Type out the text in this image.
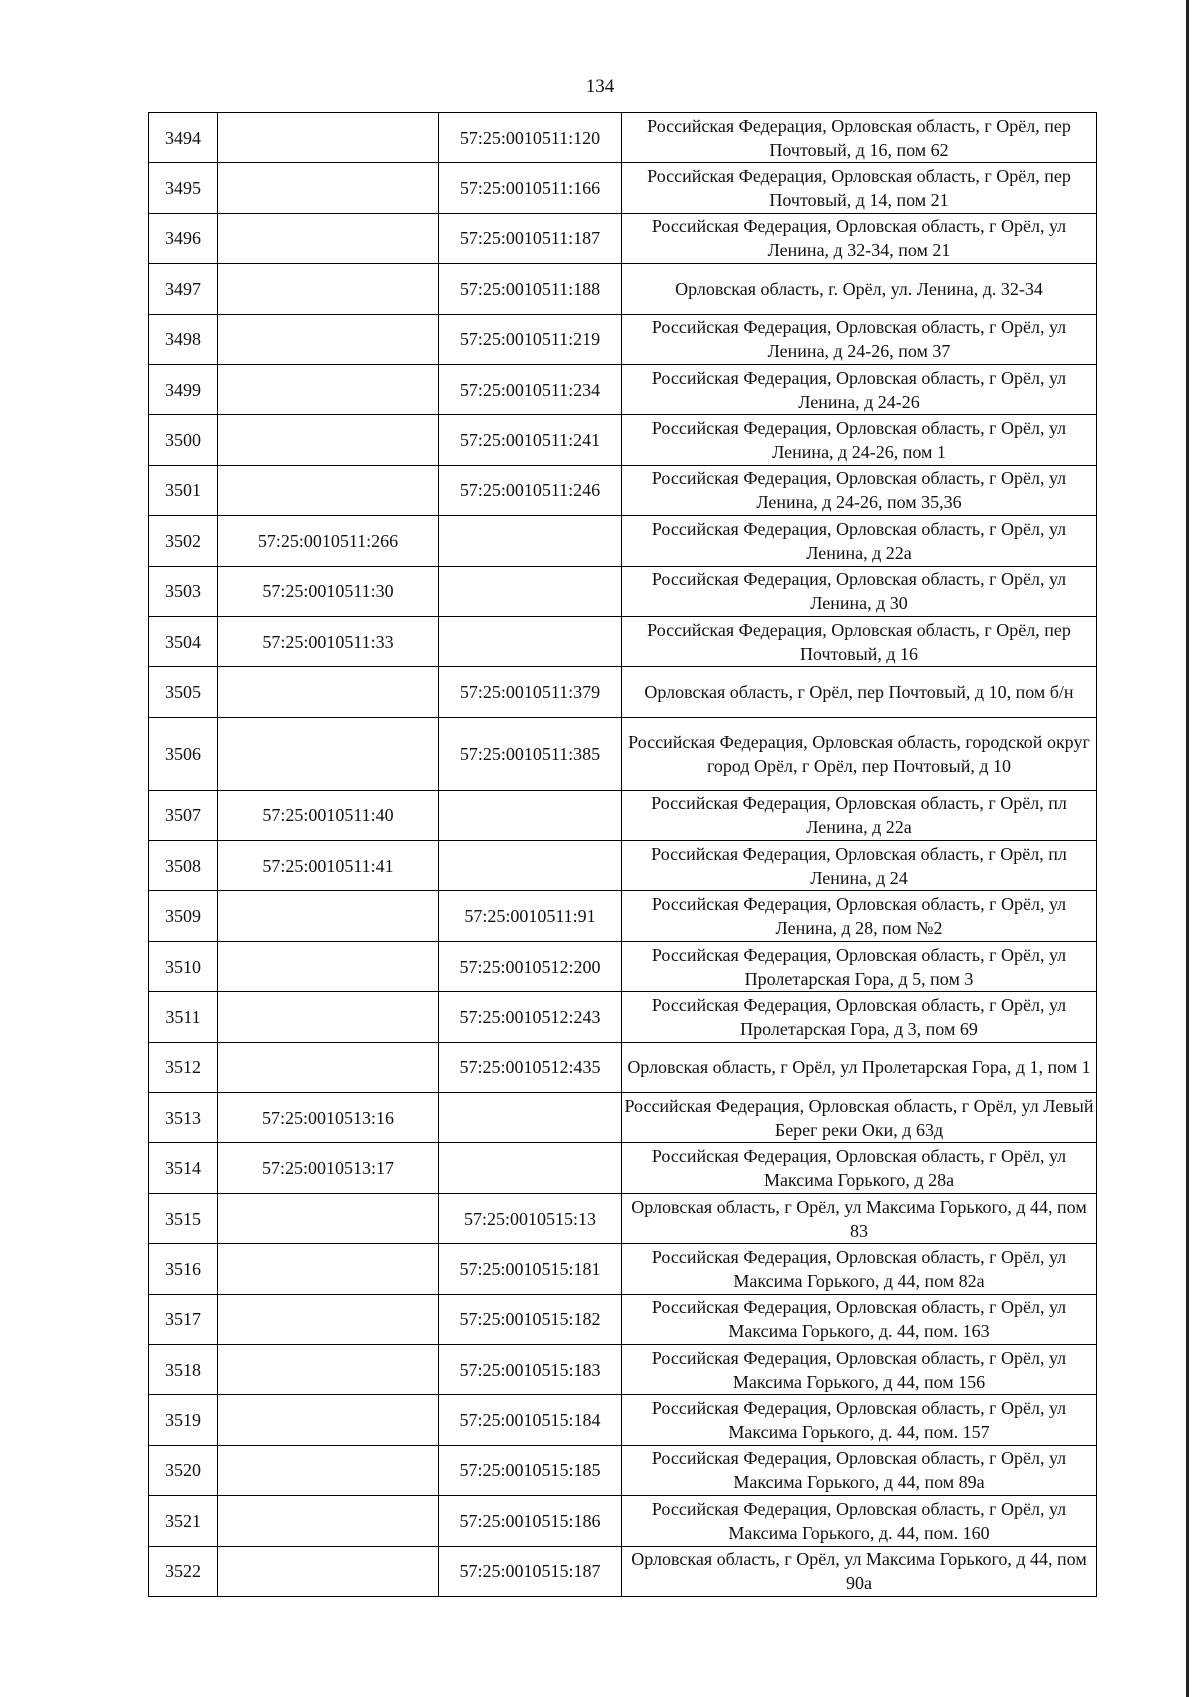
134
3494		57:25:0010511:120	Российская Федерация, Орловская область, г Орёл, пер Почтовый, д 16, пом 62
3495		57:25:0010511:166	Российская Федерация, Орловская область, г Орёл, пер Почтовый, д 14, пом 21
3496		57:25:0010511:187	Российская Федерация, Орловская область, г Орёл, ул Ленина, д 32-34, пом 21
3497		57:25:0010511:188	Орловская область, г. Орёл, ул. Ленина, д. 32-34
3498		57:25:0010511:219	Российская Федерация, Орловская область, г Орёл, ул Ленина, д 24-26, пом 37
3499		57:25:0010511:234	Российская Федерация, Орловская область, г Орёл, ул Ленина, д 24-26
3500		57:25:0010511:241	Российская Федерация, Орловская область, г Орёл, ул Ленина, д 24-26, пом 1
3501		57:25:0010511:246	Российская Федерация, Орловская область, г Орёл, ул Ленина, д 24-26, пом 35,36
3502	57:25:0010511:266		Российская Федерация, Орловская область, г Орёл, ул Ленина, д 22а
3503	57:25:0010511:30		Российская Федерация, Орловская область, г Орёл, ул Ленина, д 30
3504	57:25:0010511:33		Российская Федерация, Орловская область, г Орёл, пер Почтовый, д 16
3505		57:25:0010511:379	Орловская область, г Орёл, пер Почтовый, д 10, пом б/н
3506		57:25:0010511:385	Российская Федерация, Орловская область, городской округ город Орёл, г Орёл, пер Почтовый, д 10
3507	57:25:0010511:40		Российская Федерация, Орловская область, г Орёл, пл Ленина, д 22а
3508	57:25:0010511:41		Российская Федерация, Орловская область, г Орёл, пл Ленина, д 24
3509		57:25:0010511:91	Российская Федерация, Орловская область, г Орёл, ул Ленина, д 28, пом №2
3510		57:25:0010512:200	Российская Федерация, Орловская область, г Орёл, ул Пролетарская Гора, д 5, пом 3
3511		57:25:0010512:243	Российская Федерация, Орловская область, г Орёл, ул Пролетарская Гора, д 3, пом 69
3512		57:25:0010512:435	Орловская область, г Орёл, ул Пролетарская Гора, д 1, пом 1
3513	57:25:0010513:16		Российская Федерация, Орловская область, г Орёл, ул Левый Берег реки Оки, д 63д
3514	57:25:0010513:17		Российская Федерация, Орловская область, г Орёл, ул Максима Горького, д 28а
3515		57:25:0010515:13	Орловская область, г Орёл, ул Максима Горького, д 44, пом 83
3516		57:25:0010515:181	Российская Федерация, Орловская область, г Орёл, ул Максима Горького, д 44, пом 82а
3517		57:25:0010515:182	Российская Федерация, Орловская область, г Орёл, ул Максима Горького, д. 44, пом. 163
3518		57:25:0010515:183	Российская Федерация, Орловская область, г Орёл, ул Максима Горького, д 44, пом 156
3519		57:25:0010515:184	Российская Федерация, Орловская область, г Орёл, ул Максима Горького, д. 44, пом. 157
3520		57:25:0010515:185	Российская Федерация, Орловская область, г Орёл, ул Максима Горького, д 44, пом 89а
3521		57:25:0010515:186	Российская Федерация, Орловская область, г Орёл, ул Максима Горького, д. 44, пом. 160
3522		57:25:0010515:187	Орловская область, г Орёл, ул Максима Горького, д 44, пом 90а
